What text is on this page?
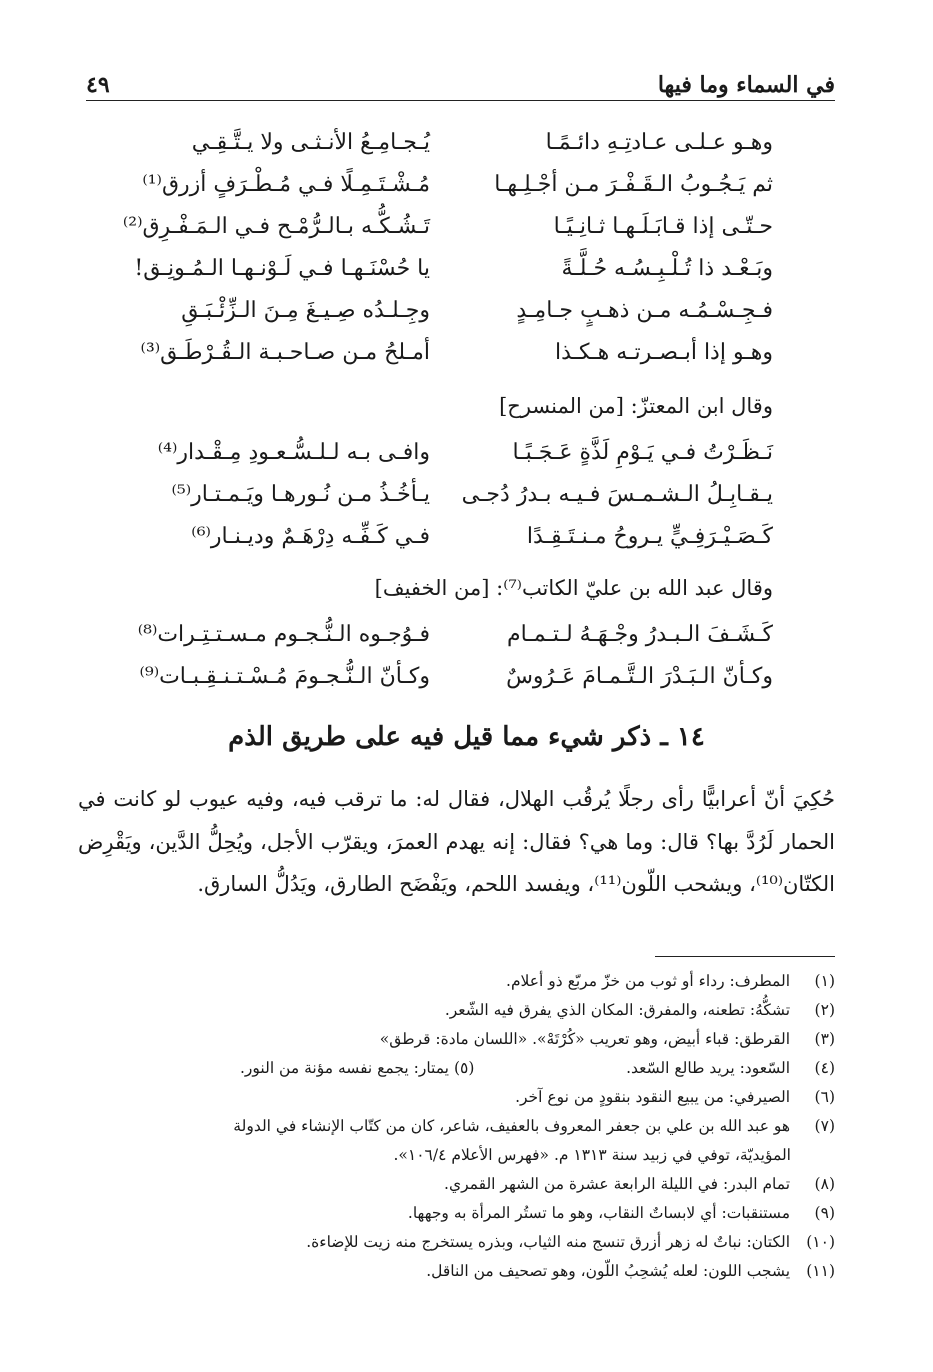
في السماء وما فيها
٤٩
وهـو عـلـى عـادتِـهِ دائـمًـا
يُـجـامِـعُ الأنـثـى ولا يـتَّـقِـي
ثم يَـجُـوبُ الـقَـفْـرَ مـن أجْـلِـهـا
مُـشْـتَـمِـلًا فـي مُـطْـرَفٍ أزرق⁽¹⁾
حـتّـى إذا قـابَـلَـهـا ثـانِـيًـا
تَـشُـكُّـه بـالـرُّمْـح فـي الـمَـفْـرِق⁽²⁾
وبَـعْـد ذا تُـلْـبِـسُـه حُـلَّـةً
يا حُسْنَـهـا فـي لَـوْنـهـا الـمُـونِـق!
فـجِـسْـمُـه مـن ذهـبٍ جـامِـدٍ
وجِـلـدُه صِـيـغَ مِـنَ الـزِّئْـبَـقِ
وهـو إذا أبـصـرتـه هـكـذا
أمـلحُ مـن صـاحـبـة الـقُـرْطَـق⁽³⁾
وقال ابن المعتزّ: [من المنسرح]
نَـظَـرْتُ فـي يَـوْمِ لَذَّةٍ عَـجَـبًـا
وافـى بـه لـلـسُّـعـودِ مِـقْـدار⁽⁴⁾
يـقـابِـلُ الـشـمـسَ فـيـه بـدرُ دُجـى
يـأخُـذُ مـن نُـورهـا ويَـمـتـار⁽⁵⁾
كَـصَـيْـرَفِـيٍّ يـروحُ مـنـتَـقِـدًا
فـي كَـفِّـه دِرْهَـمٌ وديـنـار⁽⁶⁾
وقال عبد الله بن عليّ الكاتب⁽⁷⁾: [من الخفيف]
كَـشَـفَ الـبـدرُ وجْـهَـهُ لـتـمـام
فـوُجـوه الـنُّـجـوم مـسـتـتِـرات⁽⁸⁾
وكـأنّ الـبَـدْرَ الـتَّـمـامَ عَـرُوسٌ
وكـأنّ الـنُّـجـومَ مُـسْـتـنـقِـبـات⁽⁹⁾
١٤ ـ ذكر شيء مما قيل فيه على طريق الذم
حُكِيَ أنّ أعرابيًّا رأى رجلًا يُرقُب الهلال، فقال له: ما ترقب فيه، وفيه عيوب لو كانت في الحمار لَرُدَّ بها؟ قال: وما هي؟ فقال: إنه يهدم العمرَ، ويقرّب الأجل، ويُحِلُّ الدَّين، ويَقْرِض الكتّان⁽¹⁰⁾، ويشحب اللّون⁽¹¹⁾، ويفسد اللحم، ويَفْضَح الطارق، ويَدُلُّ السارق.
(١) المطرف: رداء أو ثوب من خزّ مربّع ذو أعلام.
(٢) تشكُّهُ: تطعنه، والمفرق: المكان الذي يفرق فيه الشّعر.
(٣) القرطق: قباء أبيض، وهو تعريب «كُرْتَهْ». «اللسان مادة: قرطق»
(٤) السّعود: يريد طالع السّعد.
(٥) يمتار: يجمع نفسه مؤنة من النور.
(٦) الصيرفي: من يبيع النقود بنقودٍ من نوع آخر.
(٧) هو عبد الله بن علي بن جعفر المعروف بالعفيف، شاعر، كان من كتّاب الإنشاء في الدولة
المؤيديّة، توفي في زبيد سنة ١٣١٣ م. «فهرس الأعلام ١٠٦/٤».
(٨) تمام البدر: في الليلة الرابعة عشرة من الشهر القمري.
(٩) مستنقبات: أي لابساتٌ النقاب، وهو ما تستُر المرأة به وجهها.
(١٠) الكتان: نباتٌ له زهر أزرق تنسج منه الثياب، وبذره يستخرج منه زيت للإضاءة.
(١١) يشجب اللون: لعله يُشحِبُ اللّون، وهو تصحيف من الناقل.
